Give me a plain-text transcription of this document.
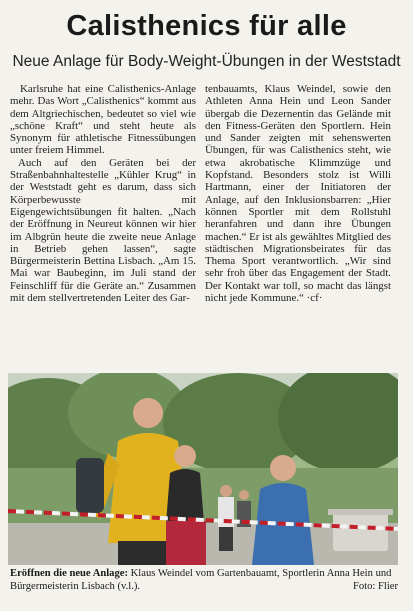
Calisthenics für alle
Neue Anlage für Body-Weight-Übungen in der Weststadt

Karlsruhe hat eine Calisthenics-Anlage mehr. Das Wort „Calisthenics“ kommt aus dem Altgriechischen, bedeutet so viel wie „schöne Kraft“ und steht heute als Synonym für athletische Fitnessübungen unter freiem Himmel.

Auch auf den Geräten bei der Straßenbahnhaltestelle „Kühler Krug“ in der Weststadt geht es darum, dass sich Körperbewusste mit Eigengewichtsübungen fit halten. „Nach der Eröffnung in Neureut können wir hier im Albgrün heute die zweite neue Anlage in Betrieb gehen lassen“, sagte Bürgermeisterin Bettina Lisbach. „Am 15. Mai war Baubeginn, im Juli stand der Feinschliff für die Geräte an.“ Zusammen mit dem stellvertretenden Leiter des Gar-

tenbauamts, Klaus Weindel, sowie den Athleten Anna Hein und Leon Sander übergab die Dezernentin das Gelände mit den Fitness-Geräten den Sportlern. Hein und Sander zeigten mit sehenswerten Übungen, für was Calisthenics steht, wie etwa akrobatische Klimmzüge und Kopfstand. Besonders stolz ist Willi Hartmann, einer der Initiatoren der Anlage, auf den Inklusionsbarren: „Hier können Sportler mit dem Rollstuhl heranfahren und dann ihre Übungen machen.“ Er ist als gewähltes Mitglied des städtischen Migrationsbeirates für das Thema Sport verantwortlich. „Wir sind sehr froh über das Engagement der Stadt. Der Kontakt war toll, so macht das längst nicht jede Kommune.“ ·cf·

Eröffnen die neue Anlage: Klaus Weindel vom Gartenbauamt, Sportlerin Anna Hein und Bürgermeisterin Lisbach (v.l.).	Foto: Flier
